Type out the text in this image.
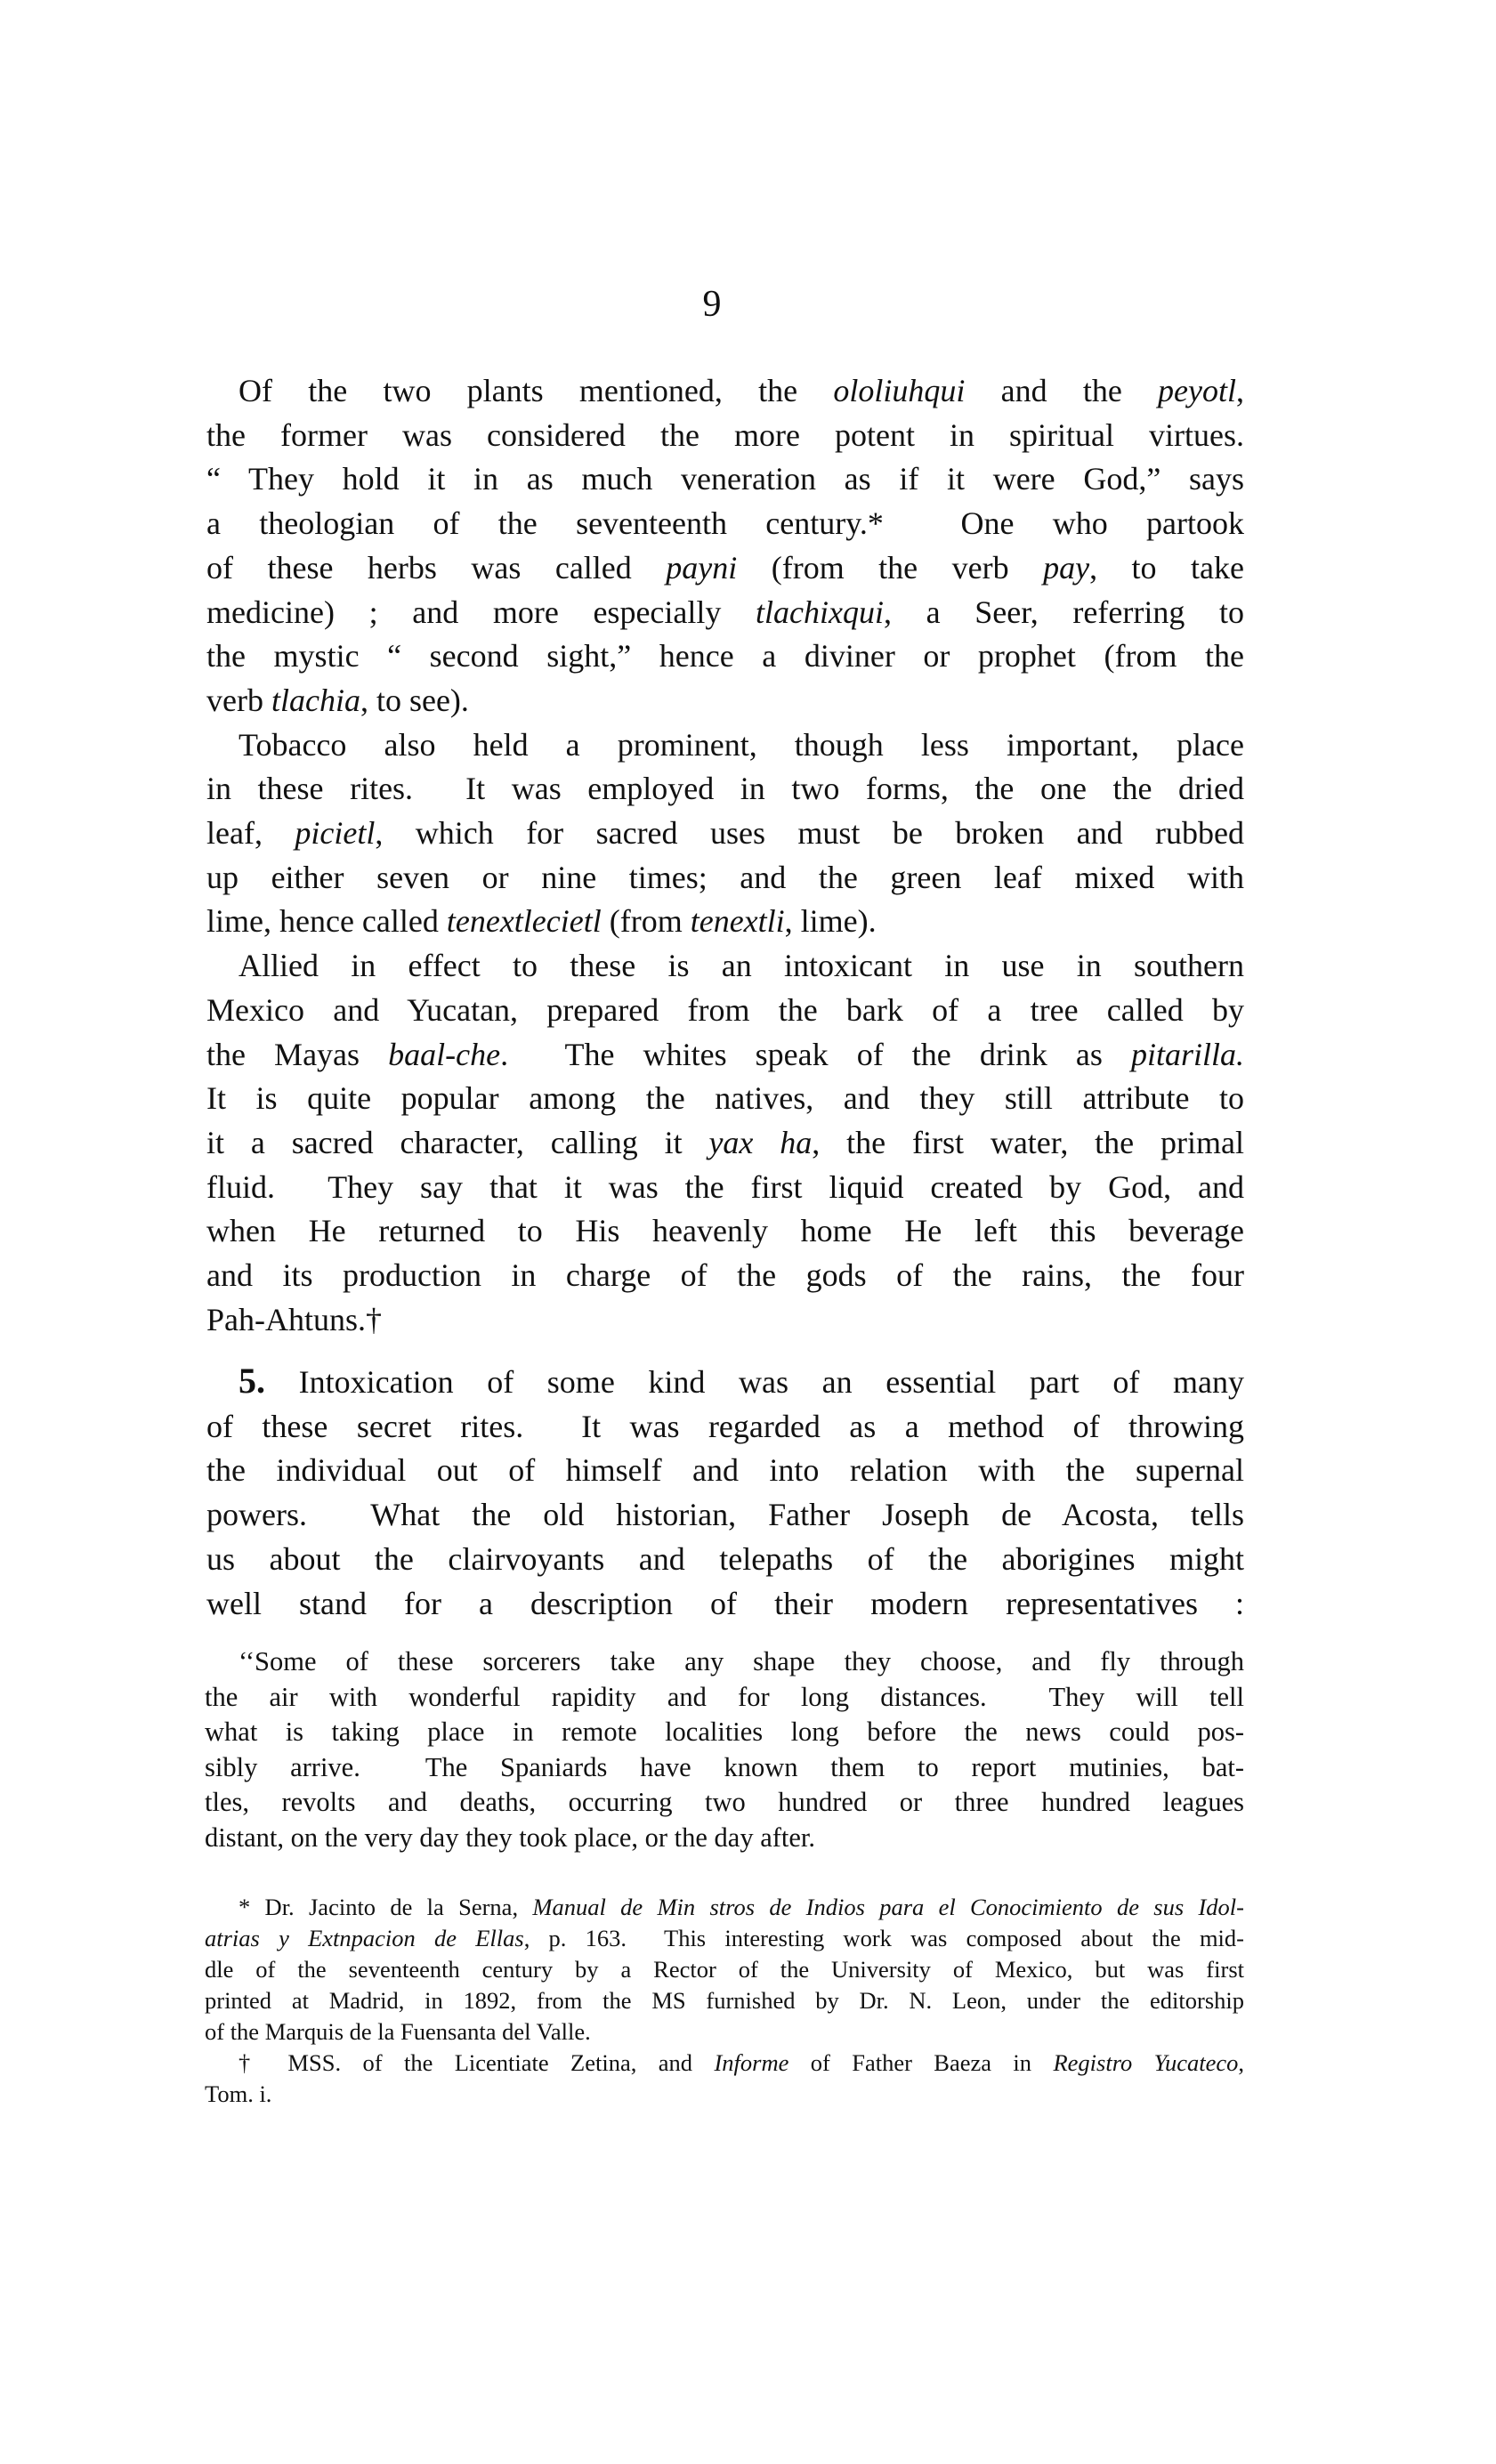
9
Of the two plants mentioned, the ololiuhqui and the peyotl,
the former was considered the more potent in spiritual virtues.
“ They hold it in as much veneration as if it were God,” says
a theologian of the seventeenth century.*  One who partook
of these herbs was called payni (from the verb pay, to take
medicine) ; and more especially tlachixqui, a Seer, referring to
the mystic “ second sight,” hence a diviner or prophet (from the
verb tlachia, to see).
Tobacco also held a prominent, though less important, place
in these rites.  It was employed in two forms, the one the dried
leaf, picietl, which for sacred uses must be broken and rubbed
up either seven or nine times; and the green leaf mixed with
lime, hence called tenextlecietl (from tenextli, lime).
Allied in effect to these is an intoxicant in use in southern
Mexico and Yucatan, prepared from the bark of a tree called by
the Mayas baal-che.  The whites speak of the drink as pitarilla.
It is quite popular among the natives, and they still attribute to
it a sacred character, calling it yax ha, the first water, the primal
fluid.  They say that it was the first liquid created by God, and
when He returned to His heavenly home He left this beverage
and its production in charge of the gods of the rains, the four
Pah-Ahtuns.†
5. Intoxication of some kind was an essential part of many
of these secret rites.  It was regarded as a method of throwing
the individual out of himself and into relation with the supernal
powers.  What the old historian, Father Joseph de Acosta, tells
us about the clairvoyants and telepaths of the aborigines might
well stand for a description of their modern representatives :
‘‘Some of these sorcerers take any shape they choose, and fly through
the air with wonderful rapidity and for long distances.  They will tell
what is taking place in remote localities long before the news could pos-
sibly arrive.  The Spaniards have known them to report mutinies, bat-
tles, revolts and deaths, occurring two hundred or three hundred leagues
distant, on the very day they took place, or the day after.
* Dr. Jacinto de la Serna, Manual de Min stros de Indios para el Conocimiento de sus Idol-
atrias y Extnpacion de Ellas, p. 163.  This interesting work was composed about the mid-
dle of the seventeenth century by a Rector of the University of Mexico, but was first
printed at Madrid, in 1892, from the MS furnished by Dr. N. Leon, under the editorship
of the Marquis de la Fuensanta del Valle.
† MSS. of the Licentiate Zetina, and Informe of Father Baeza in Registro Yucateco,
Tom. i.
